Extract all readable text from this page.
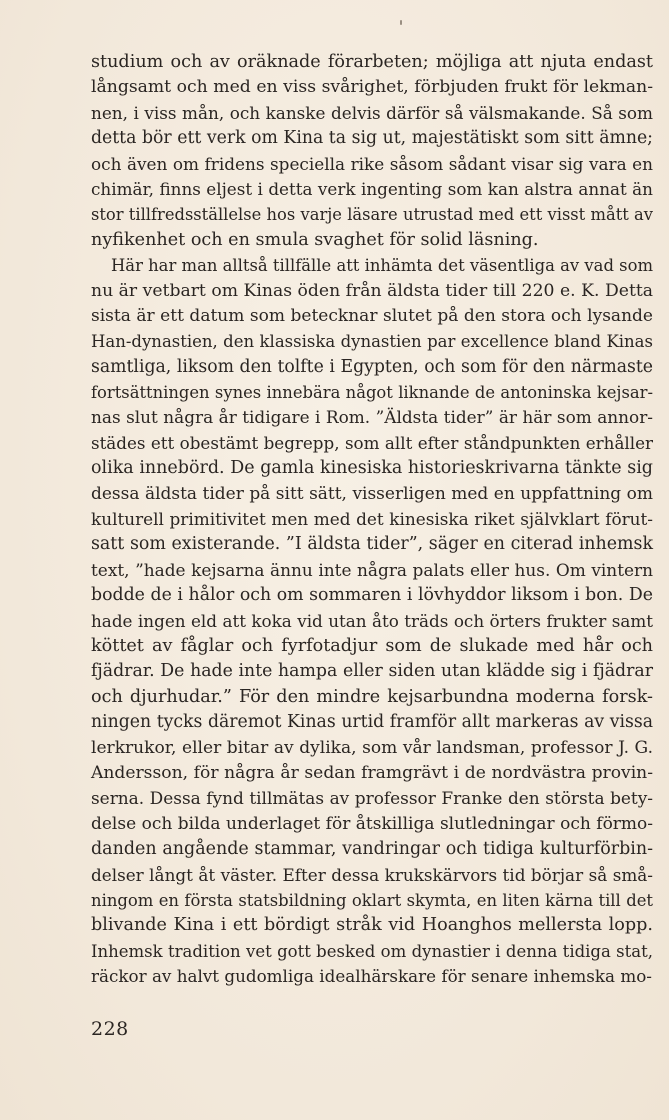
studium och av oräknade förarbeten; möjliga att njuta endast
långsamt och med en viss svårighet, förbjuden frukt för lekman-
nen, i viss mån, och kanske delvis därför så välsmakande. Så som
detta bör ett verk om Kina ta sig ut, majestätiskt som sitt ämne;
och även om fridens speciella rike såsom sådant visar sig vara en
chimär, finns eljest i detta verk ingenting som kan alstra annat än
stor tillfredsställelse hos varje läsare utrustad med ett visst mått av
nyfikenhet och en smula svaghet för solid läsning.
Här har man alltså tillfälle att inhämta det väsentliga av vad som
nu är vetbart om Kinas öden från äldsta tider till 220 e. K. Detta
sista är ett datum som betecknar slutet på den stora och lysande
Han-dynastien, den klassiska dynastien par excellence bland Kinas
samtliga, liksom den tolfte i Egypten, och som för den närmaste
fortsättningen synes innebära något liknande de antoninska kejsar-
nas slut några år tidigare i Rom. ”Äldsta tider” är här som annor-
städes ett obestämt begrepp, som allt efter ståndpunkten erhåller
olika innebörd. De gamla kinesiska historieskrivarna tänkte sig
dessa äldsta tider på sitt sätt, visserligen med en uppfattning om
kulturell primitivitet men med det kinesiska riket självklart förut-
satt som existerande. ”I äldsta tider”, säger en citerad inhemsk
text, ”hade kejsarna ännu inte några palats eller hus. Om vintern
bodde de i hålor och om sommaren i lövhyddor liksom i bon. De
hade ingen eld att koka vid utan åto träds och örters frukter samt
köttet av fåglar och fyrfotadjur som de slukade med hår och
fjädrar. De hade inte hampa eller siden utan klädde sig i fjädrar
och djurhudar.” För den mindre kejsarbundna moderna forsk-
ningen tycks däremot Kinas urtid framför allt markeras av vissa
lerkrukor, eller bitar av dylika, som vår landsman, professor J. G.
Andersson, för några år sedan framgrävt i de nordvästra provin-
serna. Dessa fynd tillmätas av professor Franke den största bety-
delse och bilda underlaget för åtskilliga slutledningar och förmo-
danden angående stammar, vandringar och tidiga kulturförbin-
delser långt åt väster. Efter dessa krukskärvors tid börjar så små-
ningom en första statsbildning oklart skymta, en liten kärna till det
blivande Kina i ett bördigt stråk vid Hoanghos mellersta lopp.
Inhemsk tradition vet gott besked om dynastier i denna tidiga stat,
räckor av halvt gudomliga idealhärskare för senare inhemska mo-
228
